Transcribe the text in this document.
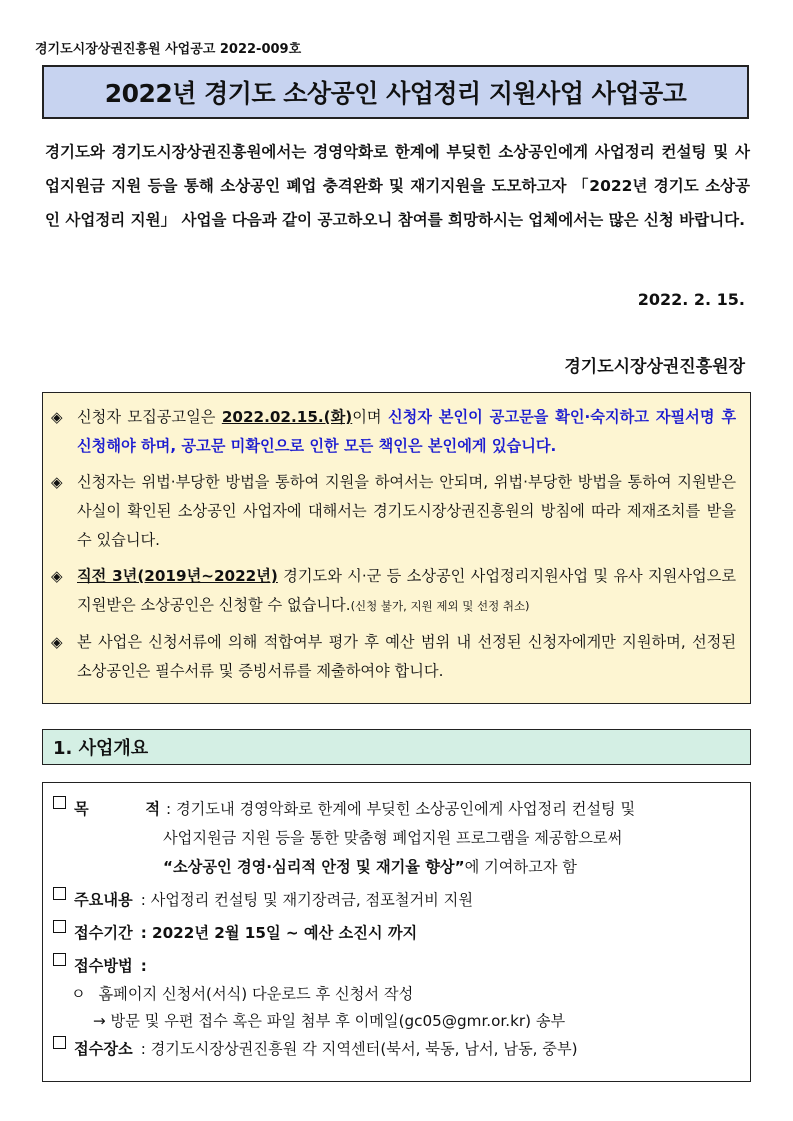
경기도시장상권진흥원 사업공고 2022-009호
2022년 경기도 소상공인 사업정리 지원사업 사업공고
경기도와 경기도시장상권진흥원에서는 경영악화로 한계에 부딪힌 소상공인에게 사업정리 컨설팅 및 사업지원금 지원 등을 통해 소상공인 폐업 충격완화 및 재기지원을 도모하고자 「2022년 경기도 소상공인 사업정리 지원」 사업을 다음과 같이 공고하오니 참여를 희망하시는 업체에서는 많은 신청 바랍니다.
2022. 2. 15.
경기도시장상권진흥원장
◈ 신청자 모집공고일은 2022.02.15.(화)이며 신청자 본인이 공고문을 확인·숙지하고 자필서명 후 신청해야 하며, 공고문 미확인으로 인한 모든 책인은 본인에게 있습니다.
◈ 신청자는 위법·부당한 방법을 통하여 지원을 하여서는 안되며, 위법·부당한 방법을 통하여 지원받은 사실이 확인된 소상공인 사업자에 대해서는 경기도시장상권진흥원의 방침에 따라 제재조치를 받을 수 있습니다.
◈ 직전 3년(2019년~2022년) 경기도와 시·군 등 소상공인 사업정리지원사업 및 유사 지원사업으로 지원받은 소상공인은 신청할 수 없습니다.(신청 불가, 지원 제외 및 선정 취소)
◈ 본 사업은 신청서류에 의해 적합여부 평가 후 예산 범위 내 선정된 신청자에게만 지원하며, 선정된 소상공인은 필수서류 및 증빙서류를 제출하여야 합니다.
1. 사업개요
목	적 : 경기도내 경영악화로 한계에 부딪힌 소상공인에게 사업정리 컨설팅 및
사업지원금 지원 등을 통한 맞춤형 폐업지원 프로그램을 제공함으로써
“소상공인 경영·심리적 안정 및 재기율 향상”에 기여하고자 함
주요내용 : 사업정리 컨설팅 및 재기장려금, 점포철거비 지원
접수기간 : 2022년 2월 15일 ~ 예산 소진시 까지
접수방법 :
ㅇ 홈페이지 신청서(서식) 다운로드 후 신청서 작성
→ 방문 및 우편 접수 혹은 파일 첨부 후 이메일(gc05@gmr.or.kr) 송부
접수장소 : 경기도시장상권진흥원 각 지역센터(북서, 북동, 남서, 남동, 중부)
